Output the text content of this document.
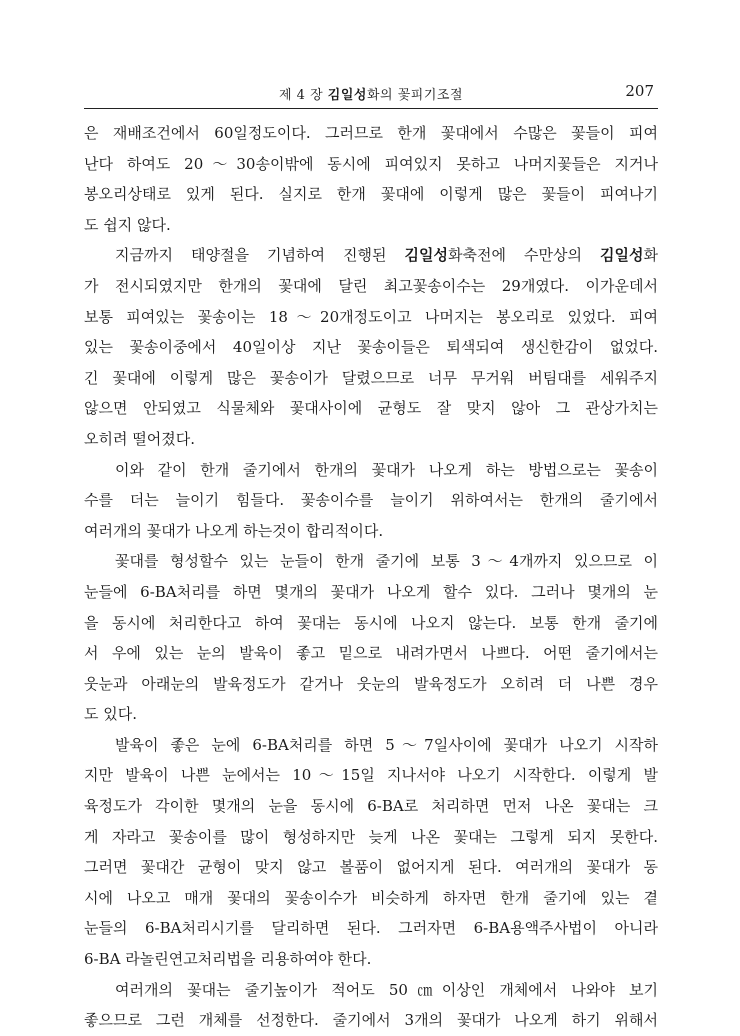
제 4 장 김일성화의 꽃피기조절	207
은 재배조건에서 60일정도이다. 그러므로 한개 꽃대에서 수많은 꽃들이 피여
난다 하여도 20～30송이밖에 동시에 피여있지 못하고 나머지꽃들은 지거나
봉오리상태로 있게 된다. 실지로 한개 꽃대에 이렇게 많은 꽃들이 피여나기
도 쉽지 않다.
지금까지 태양절을 기념하여 진행된 김일성화축전에 수만상의 김일성화
가 전시되였지만 한개의 꽃대에 달린 최고꽃송이수는 29개였다. 이가운데서
보통 피여있는 꽃송이는 18～20개정도이고 나머지는 봉오리로 있었다. 피여
있는 꽃송이중에서 40일이상 지난 꽃송이들은 퇴색되여 생신한감이 없었다.
긴 꽃대에 이렇게 많은 꽃송이가 달렸으므로 너무 무거워 버팀대를 세워주지
않으면 안되였고 식물체와 꽃대사이에 균형도 잘 맞지 않아 그 관상가치는
오히려 떨어졌다.
이와 같이 한개 줄기에서 한개의 꽃대가 나오게 하는 방법으로는 꽃송이
수를 더는 늘이기 힘들다. 꽃송이수를 늘이기 위하여서는 한개의 줄기에서
여러개의 꽃대가 나오게 하는것이 합리적이다.
꽃대를 형성할수 있는 눈들이 한개 줄기에 보통 3～4개까지 있으므로 이
눈들에 6-BA처리를 하면 몇개의 꽃대가 나오게 할수 있다. 그러나 몇개의 눈
을 동시에 처리한다고 하여 꽃대는 동시에 나오지 않는다. 보통 한개 줄기에
서 우에 있는 눈의 발육이 좋고 밑으로 내려가면서 나쁘다. 어떤 줄기에서는
웃눈과 아래눈의 발육정도가 같거나 웃눈의 발육정도가 오히려 더 나쁜 경우
도 있다.
발육이 좋은 눈에 6-BA처리를 하면 5～7일사이에 꽃대가 나오기 시작하
지만 발육이 나쁜 눈에서는 10～15일 지나서야 나오기 시작한다. 이렇게 발
육정도가 각이한 몇개의 눈을 동시에 6-BA로 처리하면 먼저 나온 꽃대는 크
게 자라고 꽃송이를 많이 형성하지만 늦게 나온 꽃대는 그렇게 되지 못한다.
그러면 꽃대간 균형이 맞지 않고 볼품이 없어지게 된다. 여러개의 꽃대가 동
시에 나오고 매개 꽃대의 꽃송이수가 비슷하게 하자면 한개 줄기에 있는 곁
눈들의 6-BA처리시기를 달리하면 된다. 그러자면 6-BA용액주사법이 아니라
6-BA 라놀린연고처리법을 리용하여야 한다.
여러개의 꽃대는 줄기높이가 적어도 50㎝이상인 개체에서 나와야 보기
좋으므로 그런 개체를 선정한다. 줄기에서 3개의 꽃대가 나오게 하기 위해서
